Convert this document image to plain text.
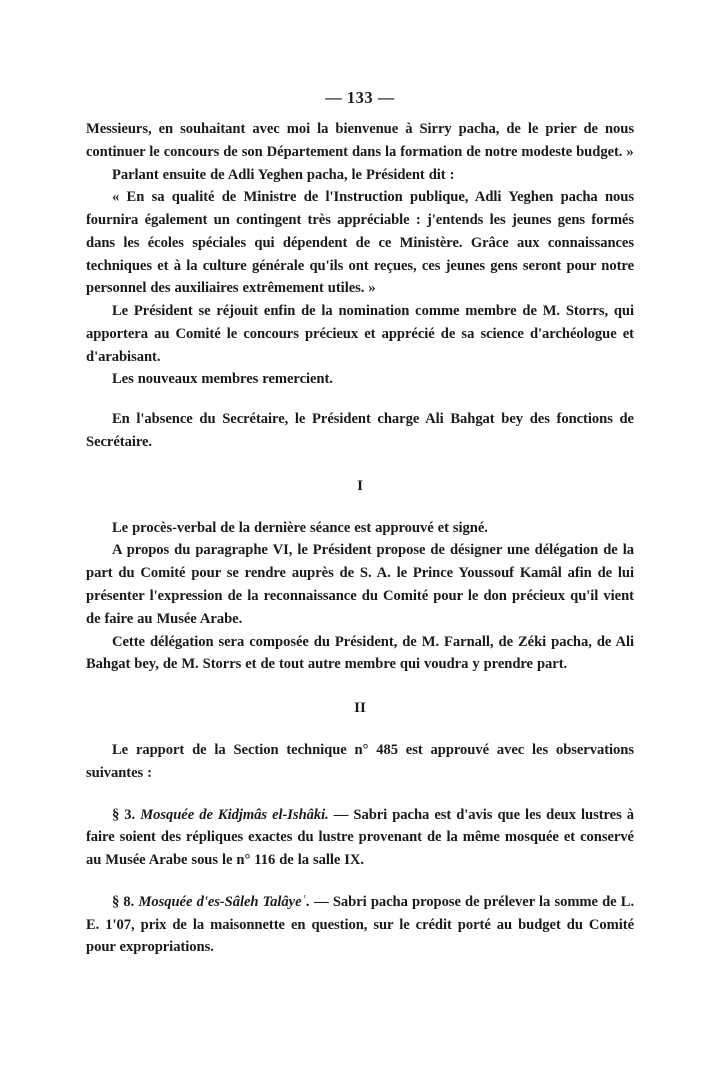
— 133 —

Messieurs, en souhaitant avec moi la bienvenue à Sirry pacha, de le prier de nous continuer le concours de son Département dans la formation de notre modeste budget. »

Parlant ensuite de Adli Yeghen pacha, le Président dit :

« En sa qualité de Ministre de l'Instruction publique, Adli Yeghen pacha nous fournira également un contingent très appréciable : j'entends les jeunes gens formés dans les écoles spéciales qui dépendent de ce Ministère. Grâce aux connaissances techniques et à la culture générale qu'ils ont reçues, ces jeunes gens seront pour notre personnel des auxiliaires extrêmement utiles. »

Le Président se réjouit enfin de la nomination comme membre de M. Storrs, qui apportera au Comité le concours précieux et apprécié de sa science d'archéologue et d'arabisant.

Les nouveaux membres remercient.

En l'absence du Secrétaire, le Président charge Ali Bahgat bey des fonctions de Secrétaire.

I

Le procès-verbal de la dernière séance est approuvé et signé.

A propos du paragraphe VI, le Président propose de désigner une délégation de la part du Comité pour se rendre auprès de S. A. le Prince Youssouf Kamâl afin de lui présenter l'expression de la reconnaissance du Comité pour le don précieux qu'il vient de faire au Musée Arabe.

Cette délégation sera composée du Président, de M. Farnall, de Zéki pacha, de Ali Bahgat bey, de M. Storrs et de tout autre membre qui voudra y prendre part.

II

Le rapport de la Section technique n° 485 est approuvé avec les observations suivantes :

§ 3. Mosquée de Kidjmâs el-Ishâki. — Sabri pacha est d'avis que les deux lustres à faire soient des répliques exactes du lustre provenant de la même mosquée et conservé au Musée Arabe sous le n° 116 de la salle IX.

§ 8. Mosquée d'es-Sâleh Talâyeʿ. — Sabri pacha propose de prélever la somme de L. E. 1'07, prix de la maisonnette en question, sur le crédit porté au budget du Comité pour expropriations.
